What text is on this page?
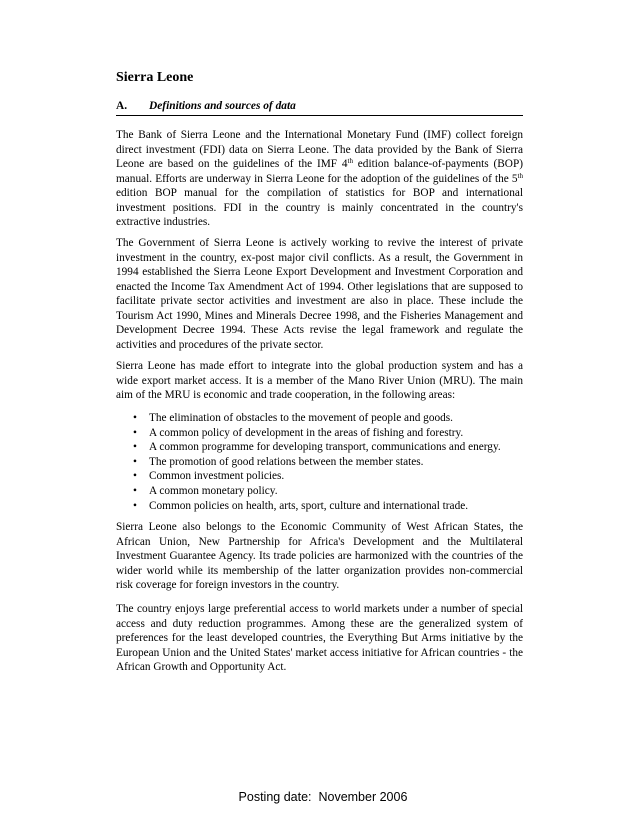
Sierra Leone
A. Definitions and sources of data

The Bank of Sierra Leone and the International Monetary Fund (IMF) collect foreign direct investment (FDI) data on Sierra Leone. The data provided by the Bank of Sierra Leone are based on the guidelines of the IMF 4th edition balance-of-payments (BOP) manual. Efforts are underway in Sierra Leone for the adoption of the guidelines of the 5th edition BOP manual for the compilation of statistics for BOP and international investment positions. FDI in the country is mainly concentrated in the country's extractive industries.

The Government of Sierra Leone is actively working to revive the interest of private investment in the country, ex-post major civil conflicts. As a result, the Government in 1994 established the Sierra Leone Export Development and Investment Corporation and enacted the Income Tax Amendment Act of 1994. Other legislations that are supposed to facilitate private sector activities and investment are also in place. These include the Tourism Act 1990, Mines and Minerals Decree 1998, and the Fisheries Management and Development Decree 1994. These Acts revise the legal framework and regulate the activities and procedures of the private sector.

Sierra Leone has made effort to integrate into the global production system and has a wide export market access. It is a member of the Mano River Union (MRU). The main aim of the MRU is economic and trade cooperation, in the following areas:

• The elimination of obstacles to the movement of people and goods.
• A common policy of development in the areas of fishing and forestry.
• A common programme for developing transport, communications and energy.
• The promotion of good relations between the member states.
• Common investment policies.
• A common monetary policy.
• Common policies on health, arts, sport, culture and international trade.

Sierra Leone also belongs to the Economic Community of West African States, the African Union, New Partnership for Africa's Development and the Multilateral Investment Guarantee Agency. Its trade policies are harmonized with the countries of the wider world while its membership of the latter organization provides non-commercial risk coverage for foreign investors in the country.

The country enjoys large preferential access to world markets under a number of special access and duty reduction programmes. Among these are the generalized system of preferences for the least developed countries, the Everything But Arms initiative by the European Union and the United States' market access initiative for African countries - the African Growth and Opportunity Act.

Posting date:  November 2006
